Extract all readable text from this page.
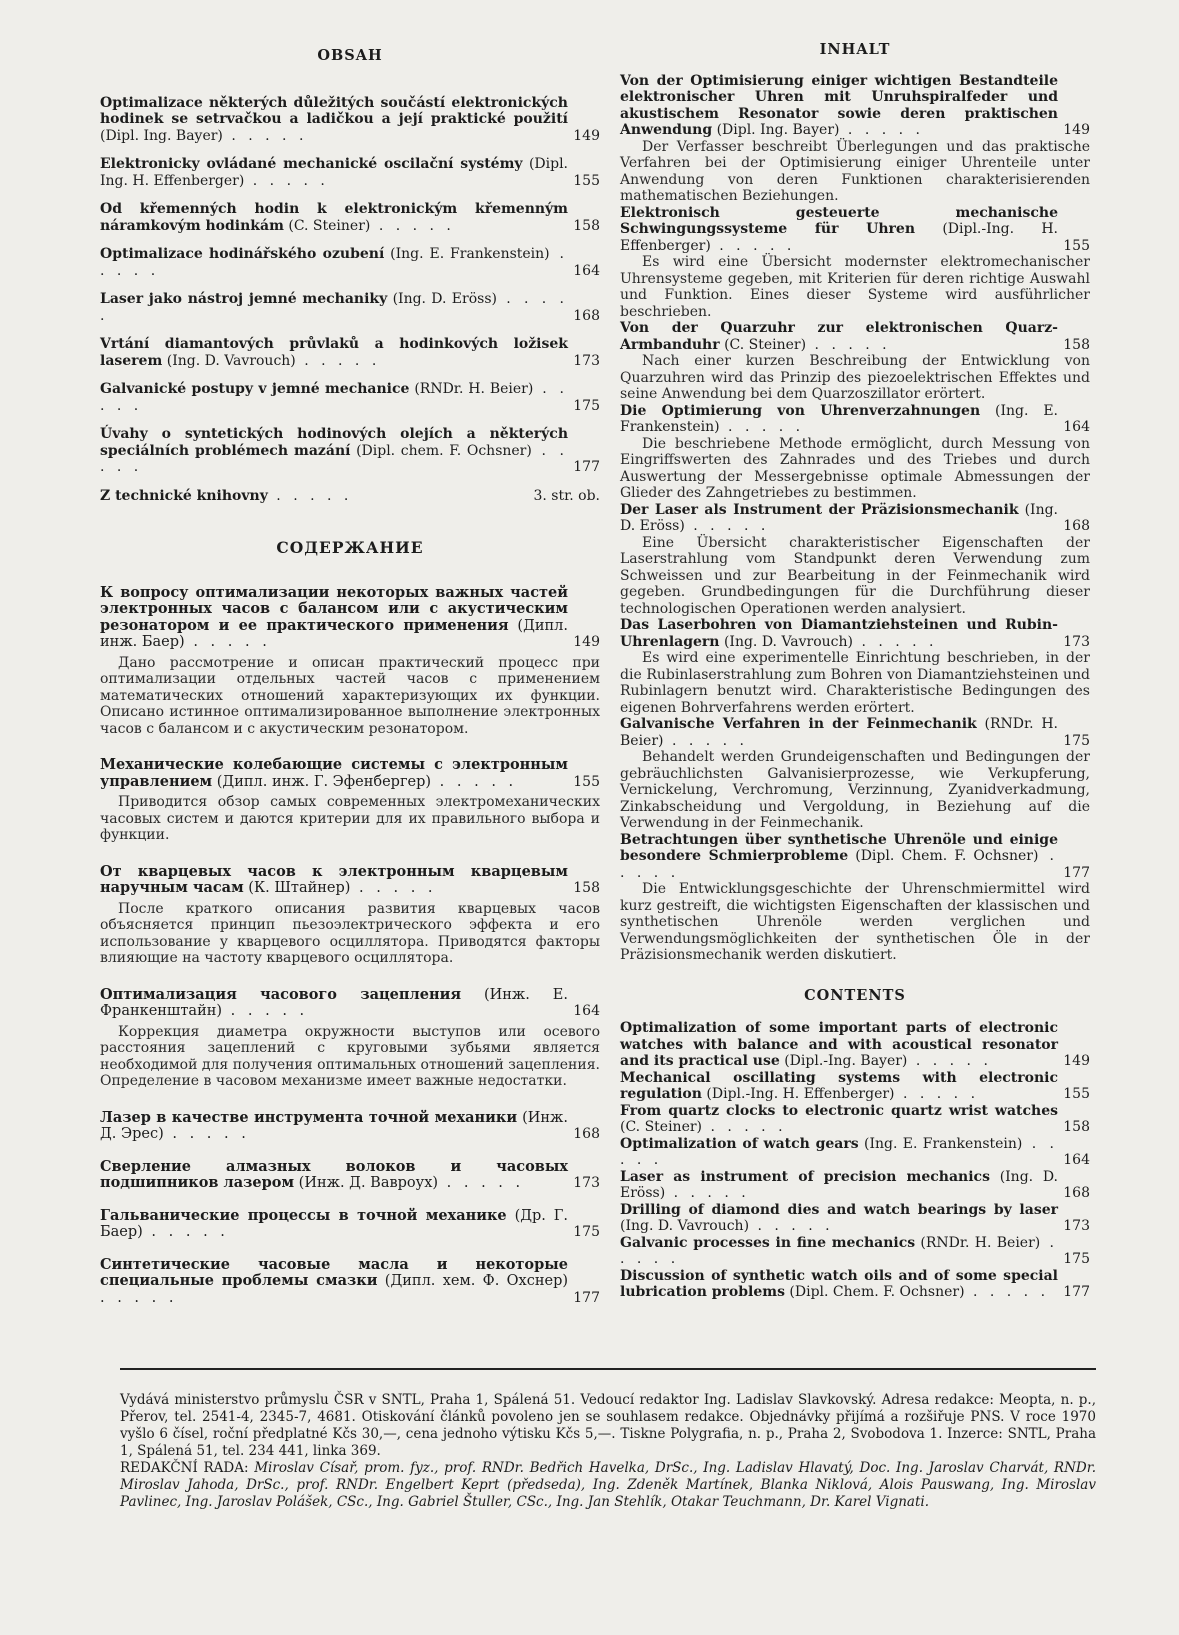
OBSAH
Optimalizace některých důležitých součástí elektronických hodinek se setrvačkou a ladičkou a její praktické použití (Dipl. Ing. Bayer) . . . . .	149
Elektronicky ovládané mechanické oscilační systémy (Dipl. Ing. H. Effenberger) . . . . .	155
Od křemenných hodin k elektronickým křemenným náramkovým hodinkám (C. Steiner) . . . . .	158
Optimalizace hodinářského ozubení (Ing. E. Frankenstein) . . . . .	164
Laser jako nástroj jemné mechaniky (Ing. D. Eröss) . . . . .	168
Vrtání diamantových průvlaků a hodinkových ložisek laserem (Ing. D. Vavrouch) . . . . .	173
Galvanické postupy v jemné mechanice (RNDr. H. Beier) . . . . .	175
Úvahy o syntetických hodinových olejích a některých speciálních problémech mazání (Dipl. chem. F. Ochsner) . . . . .	177
Z technické knihovny . . . . .	3. str. ob.
СОДЕРЖАНИЕ
К вопросу оптимализации некоторых важных частей электронных часов с балансом или с акустическим резонатором и ее практического применения (Дипл. инж. Баер) . . . . .	149
Дано рассмотрение и описан практический процесс при оптимализации отдельных частей часов с применением математических отношений характеризующих их функции. Описано истинное оптимализированное выполнение электронных часов с балансом и с акустическим резонатором.
Механические колебающие системы с электронным управлением (Дипл. инж. Г. Эфенбергер) . . . . .	155
Приводится обзор самых современных электромеханических часовых систем и даются критерии для их правильного выбора и функции.
От кварцевых часов к электронным кварцевым наручным часам (К. Штайнер) . . . . .	158
После краткого описания развития кварцевых часов объясняется принцип пьезоэлектрического эффекта и его использование у кварцевого осциллятора. Приводятся факторы влияющие на частоту кварцевого осциллятора.
Оптимализация часового зацепления (Инж. Е. Франкенштайн) . . . . .	164
Коррекция диаметра окружности выступов или осевого расстояния зацеплений с круговыми зубьями является необходимой для получения оптимальных отношений зацепления. Определение в часовом механизме имеет важные недостатки.
Лазер в качестве инструмента точной механики (Инж. Д. Эрес) . . . . .	168
Сверление алмазных волоков и часовых подшипников лазером (Инж. Д. Вавроух) . . . . .	173
Гальванические процессы в точной механике (Др. Г. Баер) . . . . .	175
Синтетические часовые масла и некоторые специальные проблемы смазки (Дипл. хем. Ф. Охснер) . . . . .	177
INHALT
Von der Optimisierung einiger wichtigen Bestandteile elektronischer Uhren mit Unruhspiralfeder und akustischem Resonator sowie deren praktischen Anwendung (Dipl. Ing. Bayer) . . . . .	149
Der Verfasser beschreibt Überlegungen und das praktische Verfahren bei der Optimisierung einiger Uhrenteile unter Anwendung von deren Funktionen charakterisierenden mathematischen Beziehungen.
Elektronisch gesteuerte mechanische Schwingungssysteme für Uhren (Dipl.-Ing. H. Effenberger) . . . . .	155
Es wird eine Übersicht modernster elektromechanischer Uhrensysteme gegeben, mit Kriterien für deren richtige Auswahl und Funktion. Eines dieser Systeme wird ausführlicher beschrieben.
Von der Quarzuhr zur elektronischen Quarz-Armbanduhr (C. Steiner) . . . . .	158
Nach einer kurzen Beschreibung der Entwicklung von Quarzuhren wird das Prinzip des piezoelektrischen Effektes und seine Anwendung bei dem Quarzoszillator erörtert.
Die Optimierung von Uhrenverzahnungen (Ing. E. Frankenstein) . . . . .	164
Die beschriebene Methode ermöglicht, durch Messung von Eingriffswerten des Zahnrades und des Triebes und durch Auswertung der Messergebnisse optimale Abmessungen der Glieder des Zahngetriebes zu bestimmen.
Der Laser als Instrument der Präzisionsmechanik (Ing. D. Eröss) . . . . .	168
Eine Übersicht charakteristischer Eigenschaften der Laserstrahlung vom Standpunkt deren Verwendung zum Schweissen und zur Bearbeitung in der Feinmechanik wird gegeben. Grundbedingungen für die Durchführung dieser technologischen Operationen werden analysiert.
Das Laserbohren von Diamantziehsteinen und Rubin-Uhrenlagern (Ing. D. Vavrouch) . . . . .	173
Es wird eine experimentelle Einrichtung beschrieben, in der die Rubinlaserstrahlung zum Bohren von Diamantziehsteinen und Rubinlagern benutzt wird. Charakteristische Bedingungen des eigenen Bohrverfahrens werden erörtert.
Galvanische Verfahren in der Feinmechanik (RNDr. H. Beier) . . . . .	175
Behandelt werden Grundeigenschaften und Bedingungen der gebräuchlichsten Galvanisierprozesse, wie Verkupferung, Vernickelung, Verchromung, Verzinnung, Zyanidverkadmung, Zinkabscheidung und Vergoldung, in Beziehung auf die Verwendung in der Feinmechanik.
Betrachtungen über synthetische Uhrenöle und einige besondere Schmierprobleme (Dipl. Chem. F. Ochsner) . . . . .	177
Die Entwicklungsgeschichte der Uhrenschmiermittel wird kurz gestreift, die wichtigsten Eigenschaften der klassischen und synthetischen Uhrenöle werden verglichen und Verwendungsmöglichkeiten der synthetischen Öle in der Präzisionsmechanik werden diskutiert.
CONTENTS
Optimalization of some important parts of electronic watches with balance and with acoustical resonator and its practical use (Dipl.-Ing. Bayer) . . . . .	149
Mechanical oscillating systems with electronic regulation (Dipl.-Ing. H. Effenberger) . . . . .	155
From quartz clocks to electronic quartz wrist watches (C. Steiner) . . . . .	158
Optimalization of watch gears (Ing. E. Frankenstein) . . . . .	164
Laser as instrument of precision mechanics (Ing. D. Eröss) . . . . .	168
Drilling of diamond dies and watch bearings by laser (Ing. D. Vavrouch) . . . . .	173
Galvanic processes in fine mechanics (RNDr. H. Beier) . . . . .	175
Discussion of synthetic watch oils and of some special lubrication problems (Dipl. Chem. F. Ochsner) . . . . .	177
Vydává ministerstvo průmyslu ČSR v SNTL, Praha 1, Spálená 51. Vedoucí redaktor Ing. Ladislav Slavkovský. Adresa redakce: Meopta, n. p., Přerov, tel. 2541-4, 2345-7, 4681. Otiskování článků povoleno jen se souhlasem redakce. Objednávky přijímá a rozšiřuje PNS. V roce 1970 vyšlo 6 čísel, roční předplatné Kčs 30,—, cena jednoho výtisku Kčs 5,—. Tiskne Polygrafia, n. p., Praha 2, Svobodova 1. Inzerce: SNTL, Praha 1, Spálená 51, tel. 234 441, linka 369.
REDAKČNÍ RADA: Miroslav Císař, prom. fyz., prof. RNDr. Bedřich Havelka, DrSc., Ing. Ladislav Hlavatý, Doc. Ing. Jaroslav Charvát, RNDr. Miroslav Jahoda, DrSc., prof. RNDr. Engelbert Keprt (předseda), Ing. Zdeněk Martínek, Blanka Niklová, Alois Pauswang, Ing. Miroslav Pavlinec, Ing. Jaroslav Polášek, CSc., Ing. Gabriel Štuller, CSc., Ing. Jan Stehlík, Otakar Teuchmann, Dr. Karel Vignati.
